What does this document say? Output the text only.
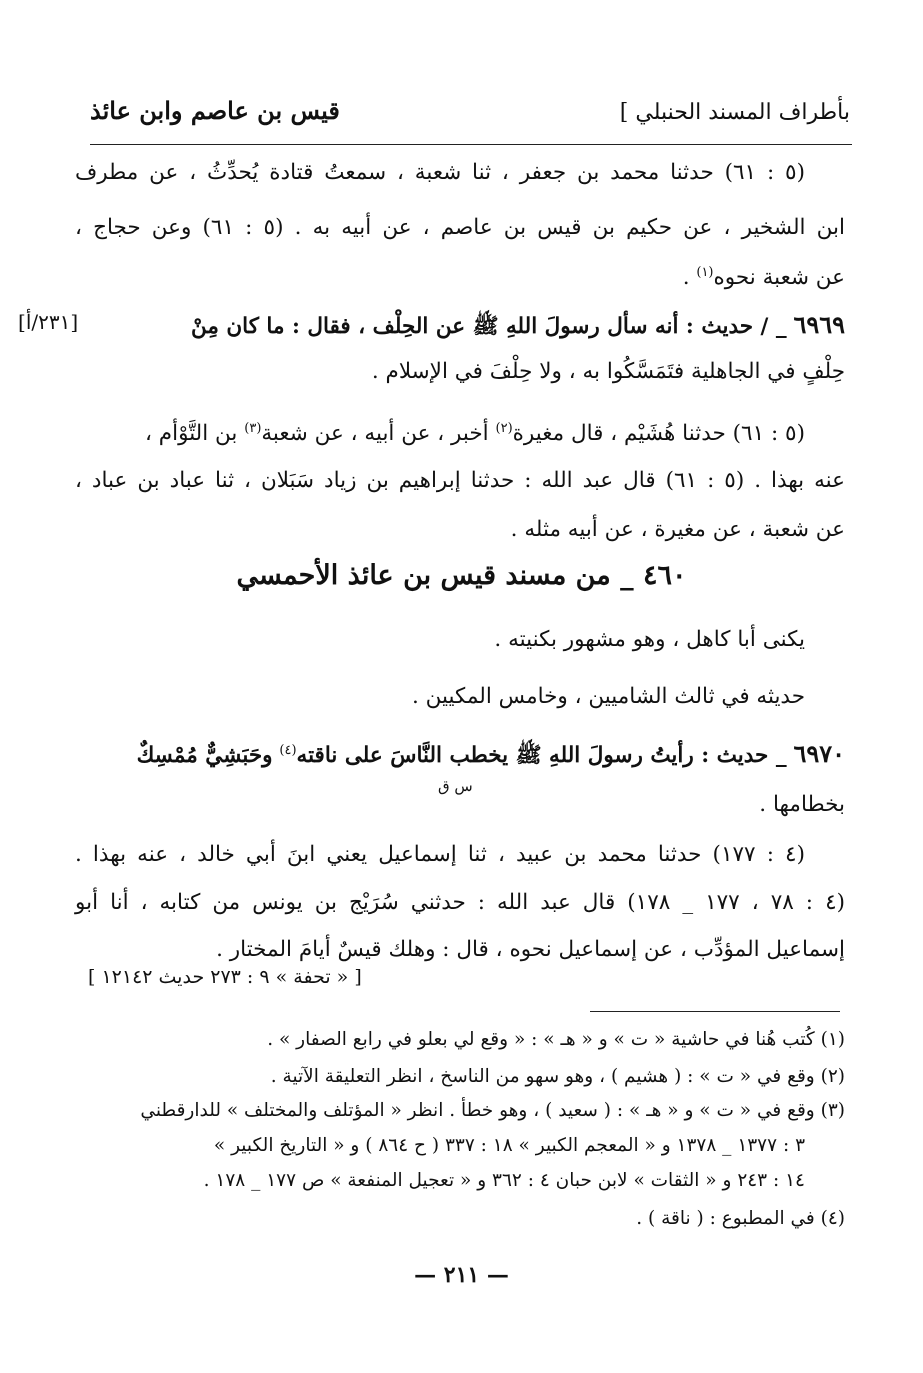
بأطراف المسند الحنبلي ]
قيس بن عاصم وابن عائذ
(٥ : ٦١) حدثنا محمد بن جعفر ، ثنا شعبة ، سمعتُ قتادة يُحدِّثُ ، عن مطرف
ابن الشخير ، عن حكيم بن قيس بن عاصم ، عن أبيه به . (٥ : ٦١) وعن حجاج ،
عن شعبة نحوه$^{(١)}$ .
٦٩٦٩ _ / حديث : أنه سأل رسولَ اللهِ ﷺ عن الحِلْف ، فقال : ما كان مِنْ
[٢٣١/أ]
حِلْفٍ في الجاهلية فتَمَسَّكُوا به ، ولا حِلْفَ في الإسلام .
(٥ : ٦١) حدثنا هُشَيْم ، قال مغيرة$^{(٢)}$ أخبر ، عن أبيه ، عن شعبة$^{(٣)}$ بن التَّوْأم ،
عنه بهذا . (٥ : ٦١) قال عبد الله : حدثنا إبراهيم بن زياد سَبَلان ، ثنا عباد بن عباد ،
عن شعبة ، عن مغيرة ، عن أبيه مثله .
٤٦٠ _ من مسند قيس بن عائذ الأحمسي
يكنى أبا كاهل ، وهو مشهور بكنيته .
حديثه في ثالث الشاميين ، وخامس المكيين .
٦٩٧٠ _ حديث : رأيتُ رسولَ اللهِ ﷺ يخطب النَّاسَ على ناقته$^{(٤)}$ وحَبَشِيٌّ مُمْسِكٌ
س ق
بخطامها .
(٤ : ١٧٧) حدثنا محمد بن عبيد ، ثنا إسماعيل يعني ابنَ أبي خالد ، عنه بهذا .
(٤ : ٧٨ ، ١٧٧ _ ١٧٨) قال عبد الله : حدثني سُرَيْج بن يونس من كتابه ، أنا أبو
إسماعيل المؤدِّب ، عن إسماعيل نحوه ، قال : وهلك قيسٌ أيامَ المختار .
[ « تحفة » ٩ : ٢٧٣ حديث ١٢١٤٢ ]
(١) كُتب هُنا في حاشية « ت » و « هـ » : « وقع لي بعلو في رابع الصفار » .
(٢) وقع في « ت » : ( هشيم ) ، وهو سهو من الناسخ ، انظر التعليقة الآتية .
(٣) وقع في « ت » و « هـ » : ( سعيد ) ، وهو خطأ . انظر « المؤتلف والمختلف » للدارقطني
٣ : ١٣٧٧ _ ١٣٧٨ و « المعجم الكبير » ١٨ : ٣٣٧ ( ح ٨٦٤ ) و « التاريخ الكبير »
١٤ : ٢٤٣ و « الثقات » لابن حبان ٤ : ٣٦٢ و « تعجيل المنفعة » ص ١٧٧ _ ١٧٨ .
(٤) في المطبوع : ( ناقة ) .
— ٢١١ —
